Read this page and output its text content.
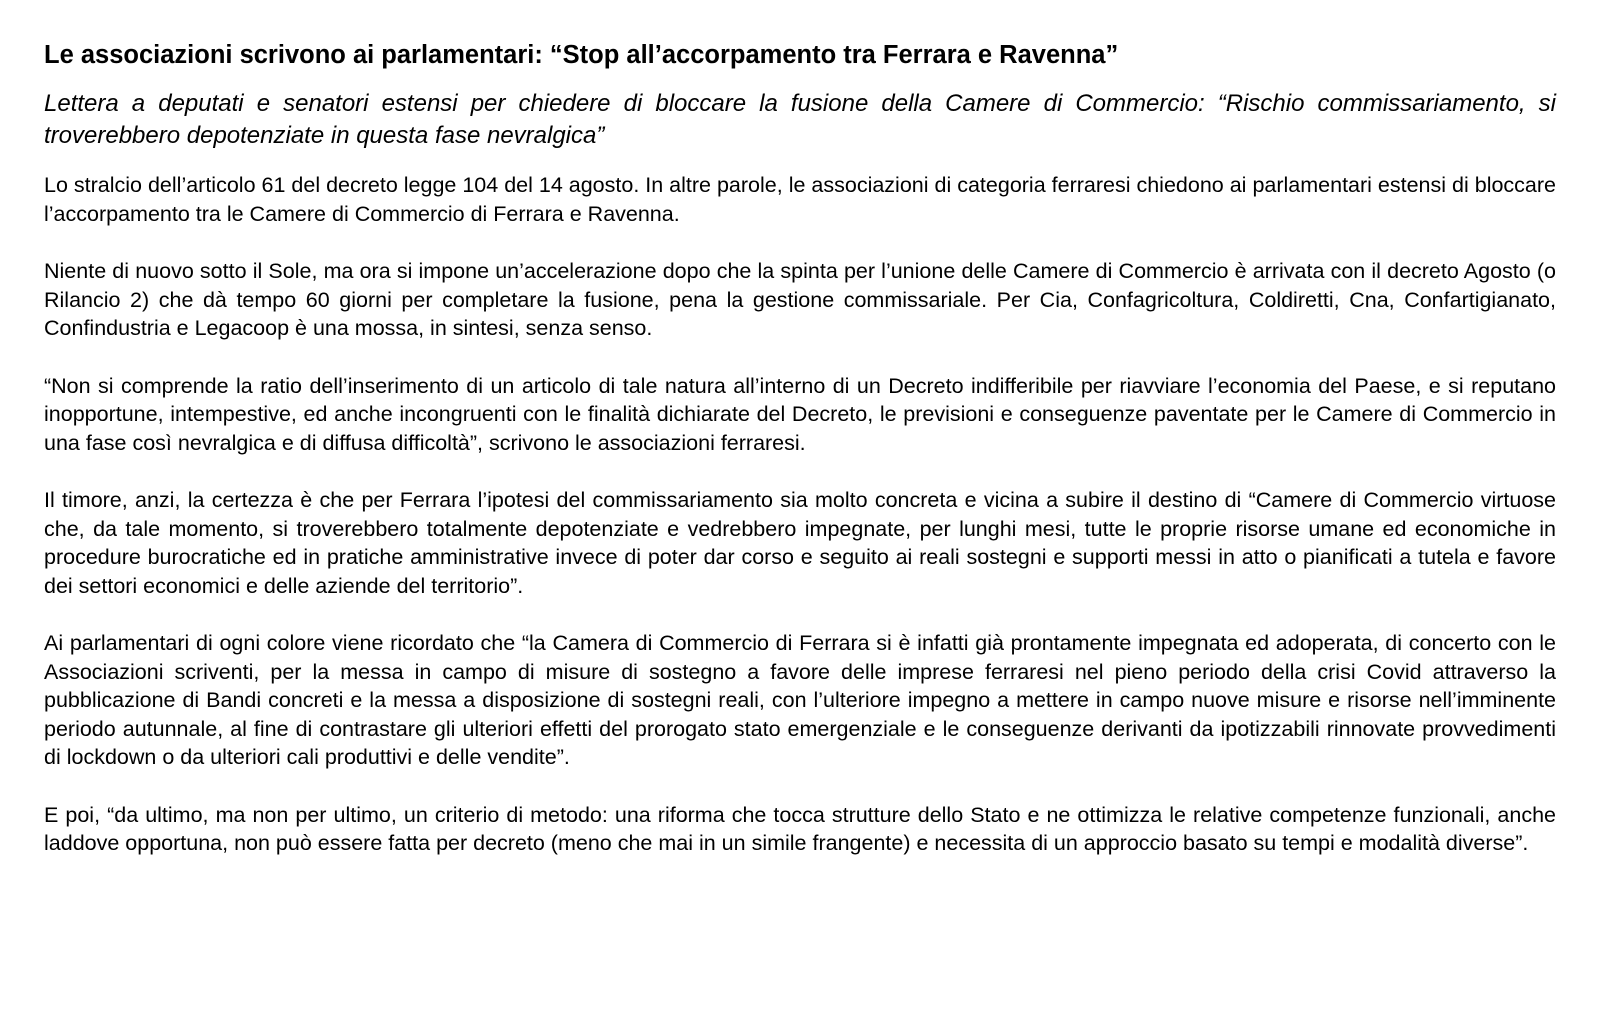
Le associazioni scrivono ai parlamentari: “Stop all’accorpamento tra Ferrara e Ravenna”
Lettera a deputati e senatori estensi per chiedere di bloccare la fusione della Camere di Commercio: “Rischio commissariamento, si troverebbero depotenziate in questa fase nevralgica”

Lo stralcio dell’articolo 61 del decreto legge 104 del 14 agosto. In altre parole, le associazioni di categoria ferraresi chiedono ai parlamentari estensi di bloccare l’accorpamento tra le Camere di Commercio di Ferrara e Ravenna.

Niente di nuovo sotto il Sole, ma ora si impone un’accelerazione dopo che la spinta per l’unione delle Camere di Commercio è arrivata con il decreto Agosto (o Rilancio 2) che dà tempo 60 giorni per completare la fusione, pena la gestione commissariale. Per Cia, Confagricoltura, Coldiretti, Cna, Confartigianato, Confindustria e Legacoop è una mossa, in sintesi, senza senso.

“Non si comprende la ratio dell’inserimento di un articolo di tale natura all’interno di un Decreto indifferibile per riavviare l’economia del Paese, e si reputano inopportune, intempestive, ed anche incongruenti con le finalità dichiarate del Decreto, le previsioni e conseguenze paventate per le Camere di Commercio in una fase così nevralgica e di diffusa difficoltà”, scrivono le associazioni ferraresi.

Il timore, anzi, la certezza è che per Ferrara l’ipotesi del commissariamento sia molto concreta e vicina a subire il destino di “Camere di Commercio virtuose che, da tale momento, si troverebbero totalmente depotenziate e vedrebbero impegnate, per lunghi mesi, tutte le proprie risorse umane ed economiche in procedure burocratiche ed in pratiche amministrative invece di poter dar corso e seguito ai reali sostegni e supporti messi in atto o pianificati a tutela e favore dei settori economici e delle aziende del territorio”.

Ai parlamentari di ogni colore viene ricordato che “la Camera di Commercio di Ferrara si è infatti già prontamente impegnata ed adoperata, di concerto con le Associazioni scriventi, per la messa in campo di misure di sostegno a favore delle imprese ferraresi nel pieno periodo della crisi Covid attraverso la pubblicazione di Bandi concreti e la messa a disposizione di sostegni reali, con l’ulteriore impegno a mettere in campo nuove misure e risorse nell’imminente periodo autunnale, al fine di contrastare gli ulteriori effetti del prorogato stato emergenziale e le conseguenze derivanti da ipotizzabili rinnovate provvedimenti di lockdown o da ulteriori cali produttivi e delle vendite”.

E poi, “da ultimo, ma non per ultimo, un criterio di metodo: una riforma che tocca strutture dello Stato e ne ottimizza le relative competenze funzionali, anche laddove opportuna, non può essere fatta per decreto (meno che mai in un simile frangente) e necessita di un approccio basato su tempi e modalità diverse”.
